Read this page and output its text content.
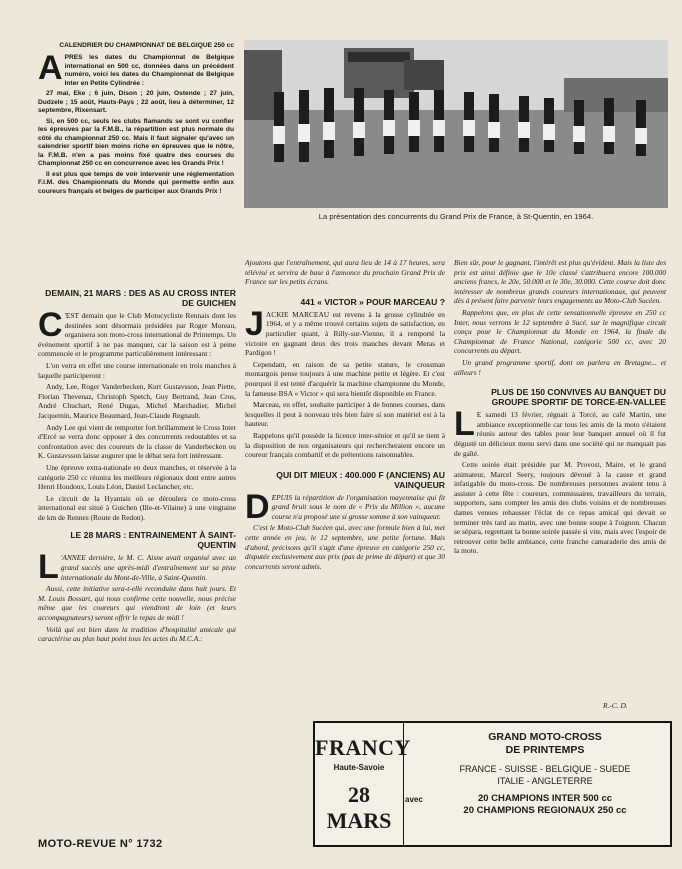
La présentation des concurrents du Grand Prix de France, à St-Quentin, en 1964.
CALENDRIER DU CHAMPIONNAT DE BELGIQUE 250 cc
A PRES les dates du Championnat de Belgique international en 500 cc, données dans un précédent numéro, voici les dates du Championnat de Belgique Inter en Petite Cylindrée :

27 mai, Eke ; 6 juin, Dison ; 20 juin, Ostende ; 27 juin, Dudzele ; 15 août, Hauts-Pays ; 22 août, lieu à déterminer, 12 septembre, Rixensart.

Si, en 500 cc, seuls les clubs flamands se sont vu confier les épreuves par la F.M.B., la répartition est plus normale du côté du championnat 250 cc. Mais il faut signaler qu'avec un calendrier sportif bien moins riche en épreuves que le nôtre, la F.M.B. n'en a pas moins fixé quatre des courses du Championnat 250 cc en concurrence avec les Grands Prix !

Il est plus que temps de voir intervenir une réglementation F.I.M. des Championnats du Monde qui permette enfin aux coureurs français et belges de participer aux Grands Prix !

DEMAIN, 21 MARS : DES AS AU CROSS INTER DE GUICHEN
C 'EST demain que le Club Motocycliste Rennais dont les destinées sont désormais présidées par Roger Moreau, organisera son moto-cross international de Printemps. Un événement sportif à ne pas manquer, car la saison est à peine commencée et le programme particulièrement intéressant :

L'on verra en effet une course internationale en trois manches à laquelle participeront :

Andy, Lee, Roger Vanderbecken, Kurt Gustavsson, Jean Piette, Florian Thevenaz, Christoph Spetch, Guy Bertrand, Jean Cros, André Chuchart, René Dugas, Michel Marchadier, Michel Jacquemin, Maurice Beaumard, Jean-Claude Regnault.

Andy Lee qui vient de remporter fort brillamment le Cross Inter d'Ercé se verra donc opposer à des concurrents redoutables et sa confrontation avec des coureurs de la classe de Vanderbecken ou K. Gustavsson laisse augurer que le débat sera fort intéressant.

Une épreuve extra-nationale en deux manches, et réservée à la catégorie 250 cc réunira les meilleurs régionaux dont entre autres Henri Houdoux, Louis Léon, Daniel Leclancher, etc.

Le circuit de la Hyantais où se déroulera ce moto-cross international est situé à Guichen (Ille-et-Vilaine) à une vingtaine de km de Rennes (Route de Redon).

LE 28 MARS : ENTRAINEMENT À SAINT-QUENTIN
L 'ANNEE dernière, le M. C. Aisne avait organisé avec un grand succès une après-midi d'entraînement sur sa piste internationale du Mont-de-Ville, à Saint-Quentin.

Aussi, cette initiative sera-t-elle reconduite dans huit jours. Et M. Louis Bossart, qui nous confirme cette nouvelle, nous précise même que les coureurs qui viendront de loin (et leurs accompagnateurs) seront offrir le repas de midi !

Voilà qui est bien dans la tradition d'hospitalité amicale qui caractérise au plus haut point tous les actes du M.C.A.:

Ajoutons que l'entraînement, qui aura lieu de 14 à 17 heures, sera télévisé et servira de base à l'annonce du prochain Grand Prix de France sur les petits écrans.

441 « VICTOR » POUR MARCEAU ?
J ACKIE MARCEAU est revenu à la grosse cylindrée en 1964, et y a même trouvé certains sujets de satisfaction, en particulier quant, à Rilly-sur-Vienne, il a remporté la victoire en gagnant deux des trois manches devant Meras et Pardigon !

Cependant, en raison de sa petite stature, le crossman montargois pense toujours à une machine petite et légère. Et c'est pourquoi il est tenté d'acquérir la machine championne du Monde, la fameuse BSA « Victor » qui sera bientôt disponible en France.

Marceau, en effet, souhaite participer à de bonnes courses, dans lesquelles il peut à nouveau très bien faire si son matériel est à la hauteur.

Rappelons qu'il possède la licence inter-sénior et qu'il se tient à la disposition de nos organisateurs qui rechercheraient encore un coureur français combattif et de prétentions raisonnables.

QUI DIT MIEUX : 400.000 F (ANCIENS) AU VAINQUEUR
D EPUIS la répartition de l'organisation mayennaise qui fit grand bruit sous le nom de « Prix du Million », aucune course n'a proposé une si grosse somme à son vainqueur.

C'est le Moto-Club Sucéen qui, avec une formule bien à lui, met cette année en jeu, le 12 septembre, une petite fortune. Mais d'abord, précisons qu'il s'agit d'une épreuve en catégorie 250 cc, disputée exclusivement aux prix (pas de prime de départ) et que 30 concurrents seront admis.

Bien sûr, pour le gagnant, l'intérêt est plus qu'évident. Mais la liste des prix est ainsi définie que le 10e classé s'attribuera encore 100.000 anciens francs, le 20e, 50.000 et le 30e, 30.000. Cette course doit donc intéresser de nombreux grands coureurs internationaux, qui peuvent dès à présent faire parvenir leurs engagements au Moto-Club Sucéen.

Rappelons que, en plus de cette sensationnelle épreuve en 250 cc Inter, nous verrons le 12 septembre à Sucé, sur le magnifique circuit conçu pour le Championnat du Monde en 1964, la finale du Championnat de France National, catégorie 500 cc, avec 20 concurrents au départ.

Un grand programme sportif, dont on parlera en Bretagne... et ailleurs !

PLUS DE 150 CONVIVES AU BANQUET DU GROUPE SPORTIF DE TORCE-EN-VALLEE
L E samedi 13 février, régnait à Torcé, au café Martin, une ambiance exceptionnelle car tous les amis de la moto s'étaient réunis autour des tables pour leur banquet annuel où il fut dégusté un délicieux menu servi dans une société qui ne manquait pas de gaîté.

Cette soirée était présidée par M. Provost, Maire, et le grand animateur, Marcel Seery, toujours dévoué à la cause et grand infatigable du moto-cross. De nombreuses personnes avaient tenu à assister à cette fête : coureurs, commissaires, travailleurs du terrain, supporters, sans compter les amis des clubs voisins et de nombreuses dames venues rehausser l'éclat de ce repas amical qui devait se terminer très tard au matin, avec une bonne soupe à l'oignon. Chacun se sépara, regrettant la bonne soirée passée si vite, mais avec l'espoir de retrouver cette belle ambiance, cette franche camaraderie des amis de la moto.

R.-C. D.
FRANCY
Haute-Savoie
28 MARS
avec
GRAND MOTO-CROSS
DE PRINTEMPS
FRANCE - SUISSE - BELGIQUE - SUEDE
ITALIE - ANGLETERRE
20 CHAMPIONS INTER 500 cc
20 CHAMPIONS REGIONAUX 250 cc
MOTO-REVUE N° 1732
